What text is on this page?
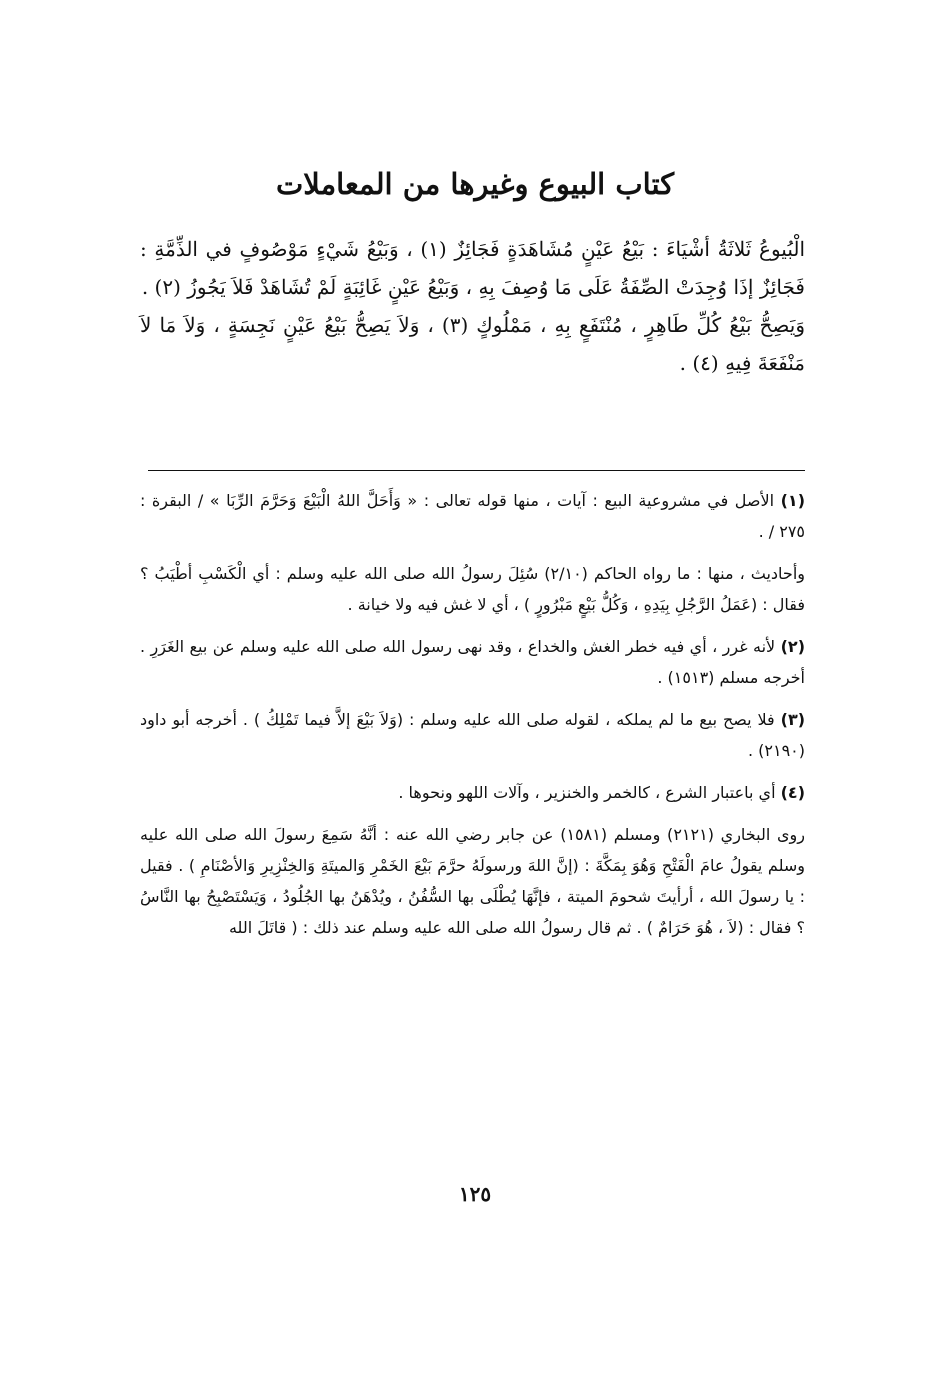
كتاب البيوع وغيرها من المعاملات

الْبُيوعُ ثَلاثَةُ أشْيَاءَ : بَيْعُ عَيْنٍ مُشَاهَدَةٍ فَجَائِزٌ (١) ، وَبَيْعُ شَيْءٍ مَوْصُوفٍ في الذِّمَّةِ : فَجَائِزٌ إذَا وُجِدَتْ الصِّفَةُ عَلَى مَا وُصِفَ بِهِ ، وَبَيْعُ عَيْنٍ غَائِبَةٍ لَمْ تُشَاهَدْ فَلاَ يَجُوزُ (٢) .

وَيَصِحُّ بَيْعُ كُلِّ طَاهِرٍ ، مُنْتَفَعٍ بِهِ ، مَمْلُوكٍ (٣) ، وَلاَ يَصِحُّ بَيْعُ عَيْنٍ نَجِسَةٍ ، وَلاَ مَا لاَ مَنْفَعَةَ فِيهِ (٤) .

(١) الأصل في مشروعية البيع : آيات ، منها قوله تعالى : « وَأَحَلَّ اللهُ الْبَيْعَ وَحَرَّمَ الرِّبَا » / البقرة : ٢٧٥ / .

وأحاديث ، منها : ما رواه الحاكم (٢/١٠) سُئِلَ رسولُ الله صلى الله عليه وسلم : أي الْكَسْبِ أطْيَبُ ؟ فقال : (عَمَلُ الرَّجُلِ بِيَدِهِ ، وَكُلُّ بَيْعٍ مَبْرُورٍ ) ، أي لا غش فيه ولا خيانة .

(٢) لأنه غرر ، أي فيه خطر الغش والخداع ، وقد نهى رسول الله صلى الله عليه وسلم عن بيع الغَرَرِ . أخرجه مسلم (١٥١٣) .

(٣) فلا يصح بيع ما لم يملكه ، لقوله صلى الله عليه وسلم : (وَلاَ بَيْعَ إلاَّ فيما تَمْلِكُ ) . أخرجه أبو داود (٢١٩٠) .

(٤) أي باعتبار الشرع ، كالخمر والخنزير ، وآلات اللهو ونحوها .

روى البخاري (٢١٢١) ومسلم (١٥٨١) عن جابر رضي الله عنه : أنَّهُ سَمِعَ رسولَ الله صلى الله عليه وسلم يقولُ عامَ الْفَتْحِ وَهُوَ بِمَكَّةَ : (إنَّ اللهَ ورسولَهُ حرَّمَ بَيْعَ الخَمْرِ وَالميتَةِ وَالخِنْزِيرِ وَالأصْنَامِ ) . فقيل : يا رسولَ الله ، أرأيتَ شحومَ الميتة ، فإنَّهَا يُطْلَى بها السُّفُنُ ، ويُدْهَنُ بها الجُلُودُ ، وَيَسْتَصْبِحُ بها النَّاسُ ؟ فقال : (لاَ ، هُوَ حَرَامٌ ) . ثم قال رسولُ الله صلى الله عليه وسلم عند ذلك : ( قاتَلَ الله

١٢٥
